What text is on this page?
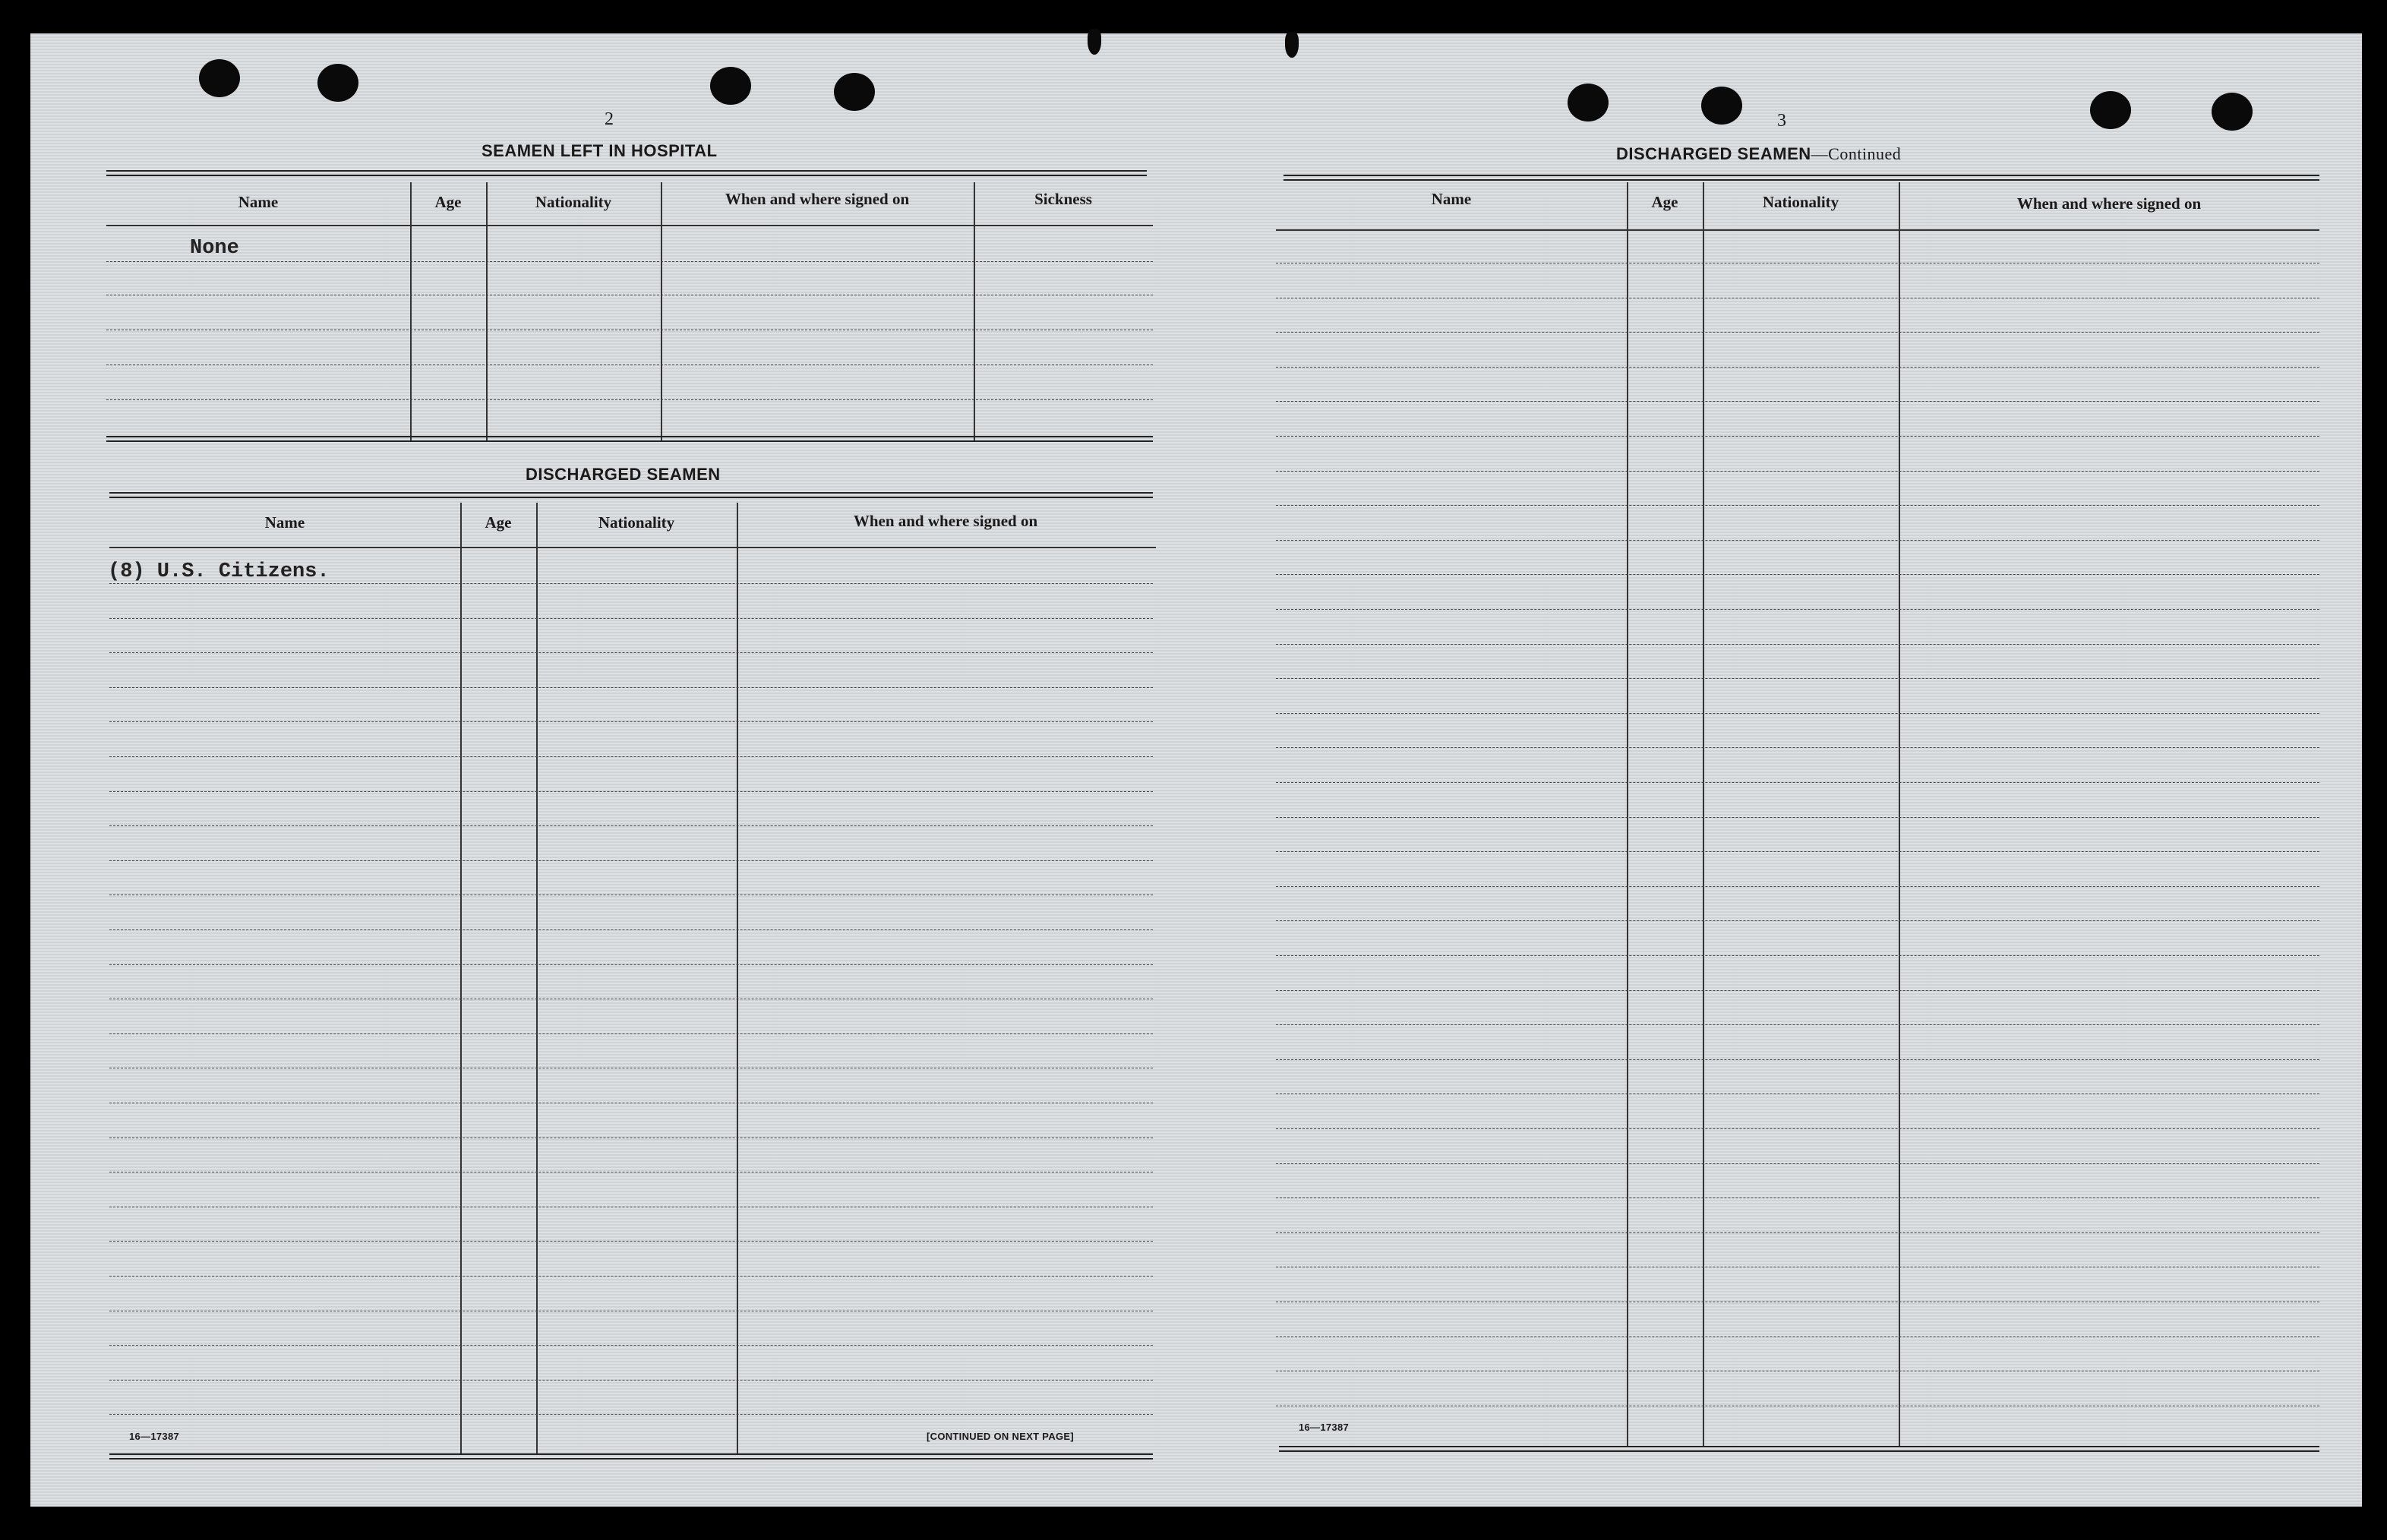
2
SEAMEN LEFT IN HOSPITAL
Name	Age	Nationality	When and where signed on	Sickness
None
DISCHARGED SEAMEN
Name	Age	Nationality	When and where signed on
(8) U.S. Citizens.
16—17387	[CONTINUED ON NEXT PAGE]
3
DISCHARGED SEAMEN—Continued
Name	Age	Nationality	When and where signed on
16—17387
